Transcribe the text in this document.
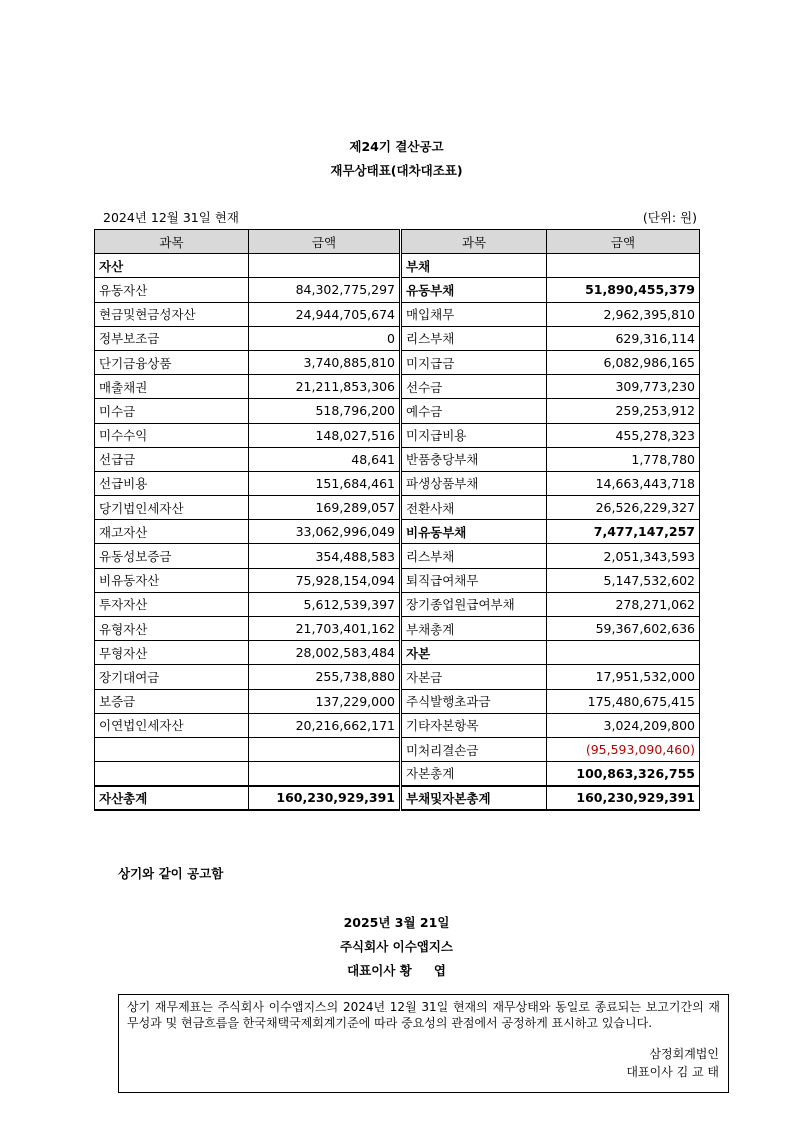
제24기 결산공고
재무상태표(대차대조표)
2024년 12월 31일 현재	(단위: 원)
과목	금액	과목	금액
자산		부채	
유동자산	84,302,775,297	유동부채	51,890,455,379
현금및현금성자산	24,944,705,674	매입채무	2,962,395,810
정부보조금	0	리스부채	629,316,114
단기금융상품	3,740,885,810	미지급금	6,082,986,165
매출채권	21,211,853,306	선수금	309,773,230
미수금	518,796,200	예수금	259,253,912
미수수익	148,027,516	미지급비용	455,278,323
선급금	48,641	반품충당부채	1,778,780
선급비용	151,684,461	파생상품부채	14,663,443,718
당기법인세자산	169,289,057	전환사채	26,526,229,327
재고자산	33,062,996,049	비유동부채	7,477,147,257
유동성보증금	354,488,583	리스부채	2,051,343,593
비유동자산	75,928,154,094	퇴직급여채무	5,147,532,602
투자자산	5,612,539,397	장기종업원급여부채	278,271,062
유형자산	21,703,401,162	부채총계	59,367,602,636
무형자산	28,002,583,484	자본	
장기대여금	255,738,880	자본금	17,951,532,000
보증금	137,229,000	주식발행초과금	175,480,675,415
이연법인세자산	20,216,662,171	기타자본항목	3,024,209,800
		미처리결손금	(95,593,090,460)
		자본총계	100,863,326,755
자산총계	160,230,929,391	부채및자본총계	160,230,929,391
상기와 같이 공고함
2025년 3월 21일
주식회사 이수앱지스
대표이사 황 엽
상기 재무제표는 주식회사 이수앱지스의 2024년 12월 31일 현재의 재무상태와 동일로 종료되는 보고기간의 재무성과 및 현금흐름을 한국채택국제회계기준에 따라 중요성의 관점에서 공정하게 표시하고 있습니다.
삼정회계법인
대표이사 김 교 태
